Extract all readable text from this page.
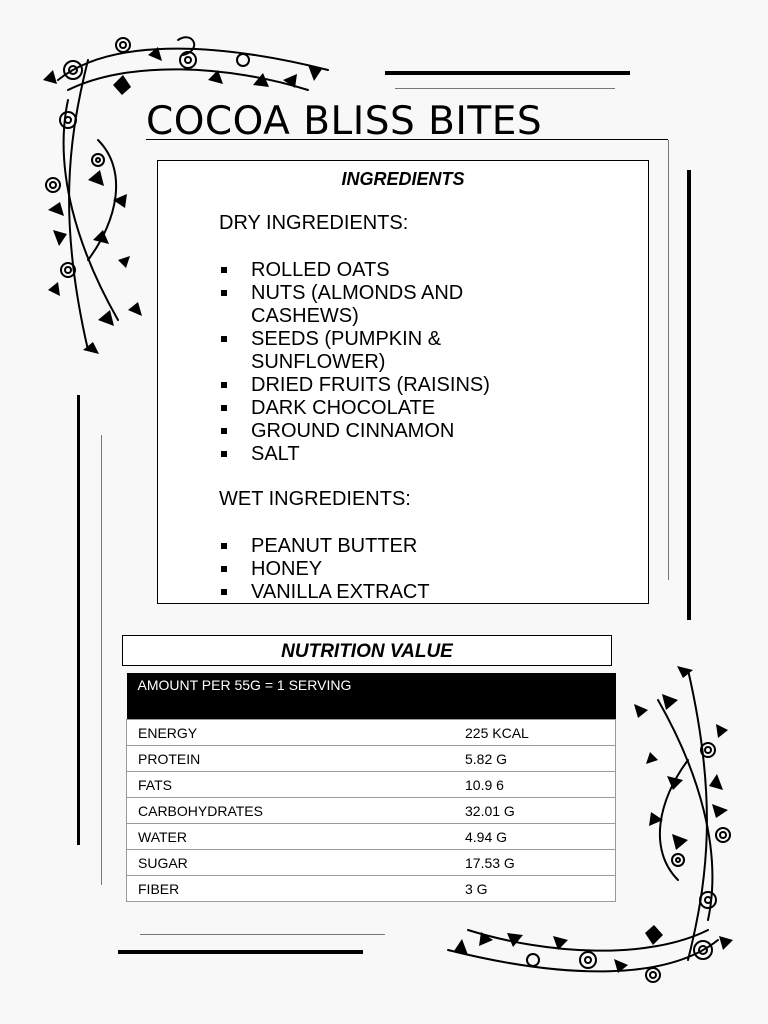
COCOA BLISS BITES
INGREDIENTS
DRY INGREDIENTS:
ROLLED OATS
NUTS (ALMONDS AND CASHEWS)
SEEDS (PUMPKIN & SUNFLOWER)
DRIED FRUITS (RAISINS)
DARK CHOCOLATE
GROUND CINNAMON
SALT
WET INGREDIENTS:
PEANUT BUTTER
HONEY
VANILLA EXTRACT
NUTRITION VALUE
AMOUNT PER 55G = 1 SERVING	
ENERGY	225 KCAL
PROTEIN	5.82 G
FATS	10.9 6
CARBOHYDRATES	32.01 G
WATER	4.94 G
SUGAR	17.53 G
FIBER	3 G
